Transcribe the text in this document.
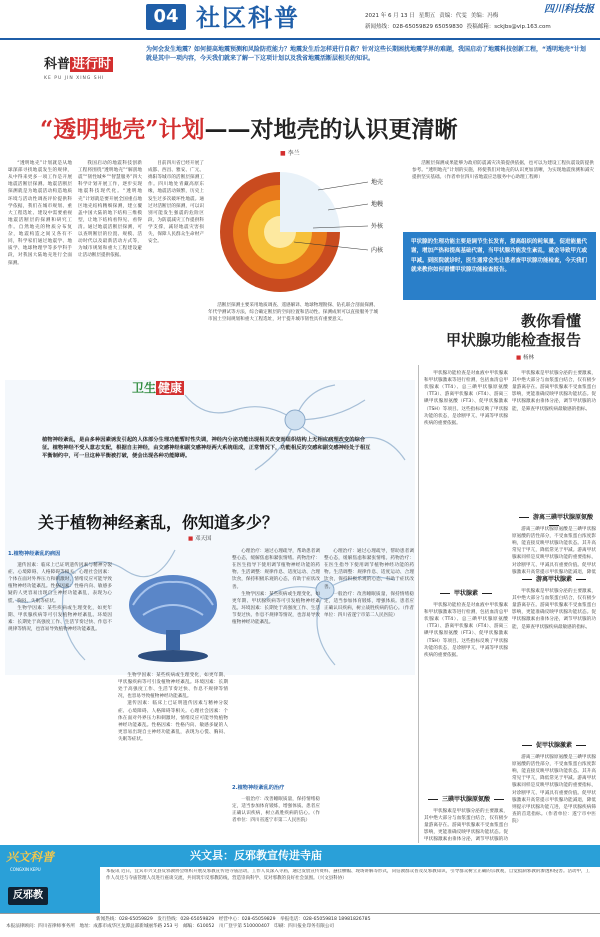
04 社区科普	四川科技报
2021 年 6 月 13 日 星期五 责编：代雯 美编：冯梅
新闻热线：028-65059829 65059830 投稿邮箱：sckjbs@vip.163.com
科普 进行时
KE PU JIN XING SHI
为何会发生地震？如何提高地震预测和风险防范能力？地震发生后怎样进行自救？针对这些长期困扰地震学界的难题，我国启动了地震科技创新工程，“透明地壳”计划就是其中一项内容，今天我们就来了解一下这项计划以及我省地震活断层相关的知识。
“透明地壳”计划——对地壳的认识更清晰
■ 李兰

“透明地壳”计划就是从地球深部寻找地震发生的规律，从中得来更多一项工作是开展地震活断层探测。地震活断层探测就是为地震活动构造地质环境与活动性调查评价提供科学依据，我们在城市规划、重大工程选址、建设中需要重视地震活断层的探测和研究工作。自然地壳的物质分布复杂，地震构造之间又各有不同，科学家们通过地震学、地质学、地球物理学等多学科手段，对我国大陆地壳进行全面探测。

我国启动的地震科技创新工程将围绕“透明地壳”“解剖地震”“韧性城乡”“智慧服务”四大科学计划开展工作，逐步实现地震科技现代化。“透明地壳”计划就是要开展全国重点地区地壳结构精细探测，建立覆盖中国大陆的地下结构三维模型，让地下结构看得见、看得清。通过地震活断层探测，可以查明断层的位置、规模、活动时代以及最新活动方式等，为城市规划和重大工程建设避让活动断层提供依据。

目前四川省已经开展了成都、西昌、雅安、广元、绵阳等城市的活断层探测工作。四川地处青藏高原东缘，地震活动频繁，历史上发生过多次破坏性地震。通过对活断层的探测，可以识别可能发生强震的危险区段，为防震减灾工作提供科学支撑，减轻地震灾害损失，保障人民群众生命财产安全。

活断层探测主要采用地质调查、遥感解译、地球物理勘探、钻孔联合剖面探测、年代学测试等方法，综合确定断层的空间位置和活动性。探测成果可以直接服务于城市国土空间规划和重大工程选址，对于提升城市韧性具有重要意义。

活断层探测成果能够为政府防震减灾决策提供依据，也可以为建设工程抗震设防提供参考。“透明地壳”计划的实施，将使我们对地壳的认识更加清晰，为实现地震预测和减灾提供坚实基础。（作者单位四川省地震应急服务中心助理工程师）

地壳
地幔
外核
内核
甲状腺的生理功能主要是调节生长发育，提高组织的耗氧量，促进能量代谢，增加产热和提高基础代谢，当甲状腺功能发生紊乱，就会导致甲亢或甲减。到医院就诊时，医生通常会先让患者查甲状腺功能检查，今天我们就来教你如何看懂甲状腺功能检查报告。
教你看懂
甲状腺功能检查报告
■ 杨林

甲状腺功能检查是对血液中甲状腺素和甲状腺激素等进行检测，包括血清总甲状腺素（TT4）、总三碘甲状腺原氨酸（TT3）、游离甲状腺素（FT4）、游离三碘甲状腺原氨酸（FT3）、促甲状腺激素（TSH）等项目。这些指标反映了甲状腺功能的状态，是诊断甲亢、甲减等甲状腺疾病的重要依据。

甲状腺素是甲状腺分泌的主要激素，其中绝大部分与血浆蛋白结合，仅有极少量游离存在。游离甲状腺素不受血浆蛋白影响，更能准确反映甲状腺功能状态。促甲状腺激素由垂体分泌，调节甲状腺的功能，是筛查甲状腺疾病最敏感的指标。

游离三碘甲状腺原氨酸
游离甲状腺素
甲状腺素

游离三碘甲状腺原氨酸是三碘甲状腺原氨酸的活性部分，不受血浆蛋白浓度影响，能直接反映甲状腺功能状态。其升高常见于甲亢，降低常见于甲减。游离甲状腺素同样是反映甲状腺功能的重要指标，对诊断甲亢、甲减具有重要价值。促甲状腺激素升高常提示甲状腺功能减退，降低

甲状腺功能检查是对血液中甲状腺素和甲状腺激素等进行检测，包括血清总甲状腺素（TT4）、总三碘甲状腺原氨酸（TT3）、游离甲状腺素（FT4）、游离三碘甲状腺原氨酸（FT3）、促甲状腺激素（TSH）等项目。这些指标反映了甲状腺功能的状态，是诊断甲亢、甲减等甲状腺疾病的重要依据。

甲状腺素是甲状腺分泌的主要激素，其中绝大部分与血浆蛋白结合，仅有极少量游离存在。游离甲状腺素不受血浆蛋白影响，更能准确反映甲状腺功能状态。促甲状腺激素由垂体分泌，调节甲状腺的功能，是筛查甲状腺疾病最敏感的指标。

促甲状腺激素

游离三碘甲状腺原氨酸是三碘甲状腺原氨酸的活性部分，不受血浆蛋白浓度影响，能直接反映甲状腺功能状态。其升高常见于甲亢，降低常见于甲减。游离甲状腺素同样是反映甲状腺功能的重要指标，对诊断甲亢、甲减具有重要价值。促甲状腺激素升高常提示甲状腺功能减退，降低则提示甲状腺功能亢进，是甲状腺疾病筛查的首选指标。（作者单位：遂宁市中医院）

三碘甲状腺原氨酸

甲状腺素是甲状腺分泌的主要激素，其中绝大部分与血浆蛋白结合，仅有极少量游离存在。游离甲状腺素不受血浆蛋白影响，更能准确反映甲状腺功能状态。促甲状腺激素由垂体分泌，调节甲状腺的功

卫生 健康
植物神经紊乱，是由多种因素诱发引起的人体部分生理功能暂时性失调，神经内分泌功能出现相关改变而组织结构上无相应病理改变的综合征。植物神经不受人意志支配，根据自主神经，由交感神经和副交感神经两大系统组成，正常情况下，功能相反的交感和副交感神经处于相互平衡制约中，可一旦这种平衡被打破，便会出现各种功能障碍。
关于植物神经紊乱，你知道多少？
■ 邓天国
1.植物神经紊乱的病因

遗传因素：临床上已证明遗传因素与精神分裂症、心境障碍、人格障碍等相关。心理社会因素：个体在面对外界压力和刺激时，情绪反应可能导致植物神经功能紊乱。性格因素：性格内向、敏感多疑的人更容易出现自主神经功能紊乱，表现为心慌、胸闷、失眠等症状。

生物学因素：某些疾病或生理变化，如更年期、甲状腺疾病等可引发植物神经紊乱。环境因素：长期处于高强度工作、生活节奏过快、作息不规律等情况，也容易导致植物神经功能紊乱。

生物学因素：某些疾病或生理变化，如更年期、甲状腺疾病等可引发植物神经紊乱。环境因素：长期处于高强度工作、生活节奏过快、作息不规律等情况，也容易导致植物神经功能紊乱。

遗传因素：临床上已证明遗传因素与精神分裂症、心境障碍、人格障碍等相关。心理社会因素：个体在面对外界压力和刺激时，情绪反应可能导致植物神经功能紊乱。性格因素：性格内向、敏感多疑的人更容易出现自主神经功能紊乱，表现为心慌、胸闷、失眠等症状。

心理治疗：通过心理疏导，帮助患者调整心态，缓解焦虑和紧张情绪。药物治疗：在医生指导下使用调节植物神经功能的药物。生活调整：规律作息、适度运动、合理饮食，保持积极乐观的心态，有助于症状改善。

生物学因素：某些疾病或生理变化，如更年期、甲状腺疾病等可引发植物神经紊乱。环境因素：长期处于高强度工作、生活节奏过快、作息不规律等情况，也容易导致植物神经功能紊乱。

2.植物神经紊乱的治疗

一般治疗：改善睡眠质量，保持情绪稳定，适当参加体育锻炼，增强体质。患者应正确认识疾病，树立战胜疾病的信心。（作者单位：四川省遂宁市第二人民医院）

心理治疗：通过心理疏导，帮助患者调整心态，缓解焦虑和紧张情绪。药物治疗：在医生指导下使用调节植物神经功能的药物。生活调整：规律作息、适度运动、合理饮食，保持积极乐观的心态，有助于症状改善。

一般治疗：改善睡眠质量，保持情绪稳定，适当参加体育锻炼，增强体质。患者应正确认识疾病，树立战胜疾病的信心。（作者单位：四川省遂宁市第二人民医院）

兴文科普
CONGXIN KEPU
反邪教
兴文县：反邪教宣传进寺庙
本报讯 近日，宜宾市兴文县反邪教协会组织开展反邪教宣传进寺庙活动，工作人员深入寺庙，通过发放宣传资料、悬挂横幅、现场讲解等形式，向信教群众普及反邪教知识，引导群众树立正确的宗教观，自觉抵制邪教的渗透和侵害。活动中，工作人员还与寺庙管理人员进行座谈交流，共同筑牢反邪教防线，营造崇尚科学、反对邪教的良好社会氛围。（兴文县科协）
新闻热线：028-65059829　发行热线：028-65059829　经营中心：028-65059829　举报电话：028-65059818 18981826785
本报法律顾问：四川省律师事务所　地址：成都市成华区龙潭总部新城丽华路 253 号　邮编：610052　川广登字第 510000407　印刷：四川报业印务有限公司
